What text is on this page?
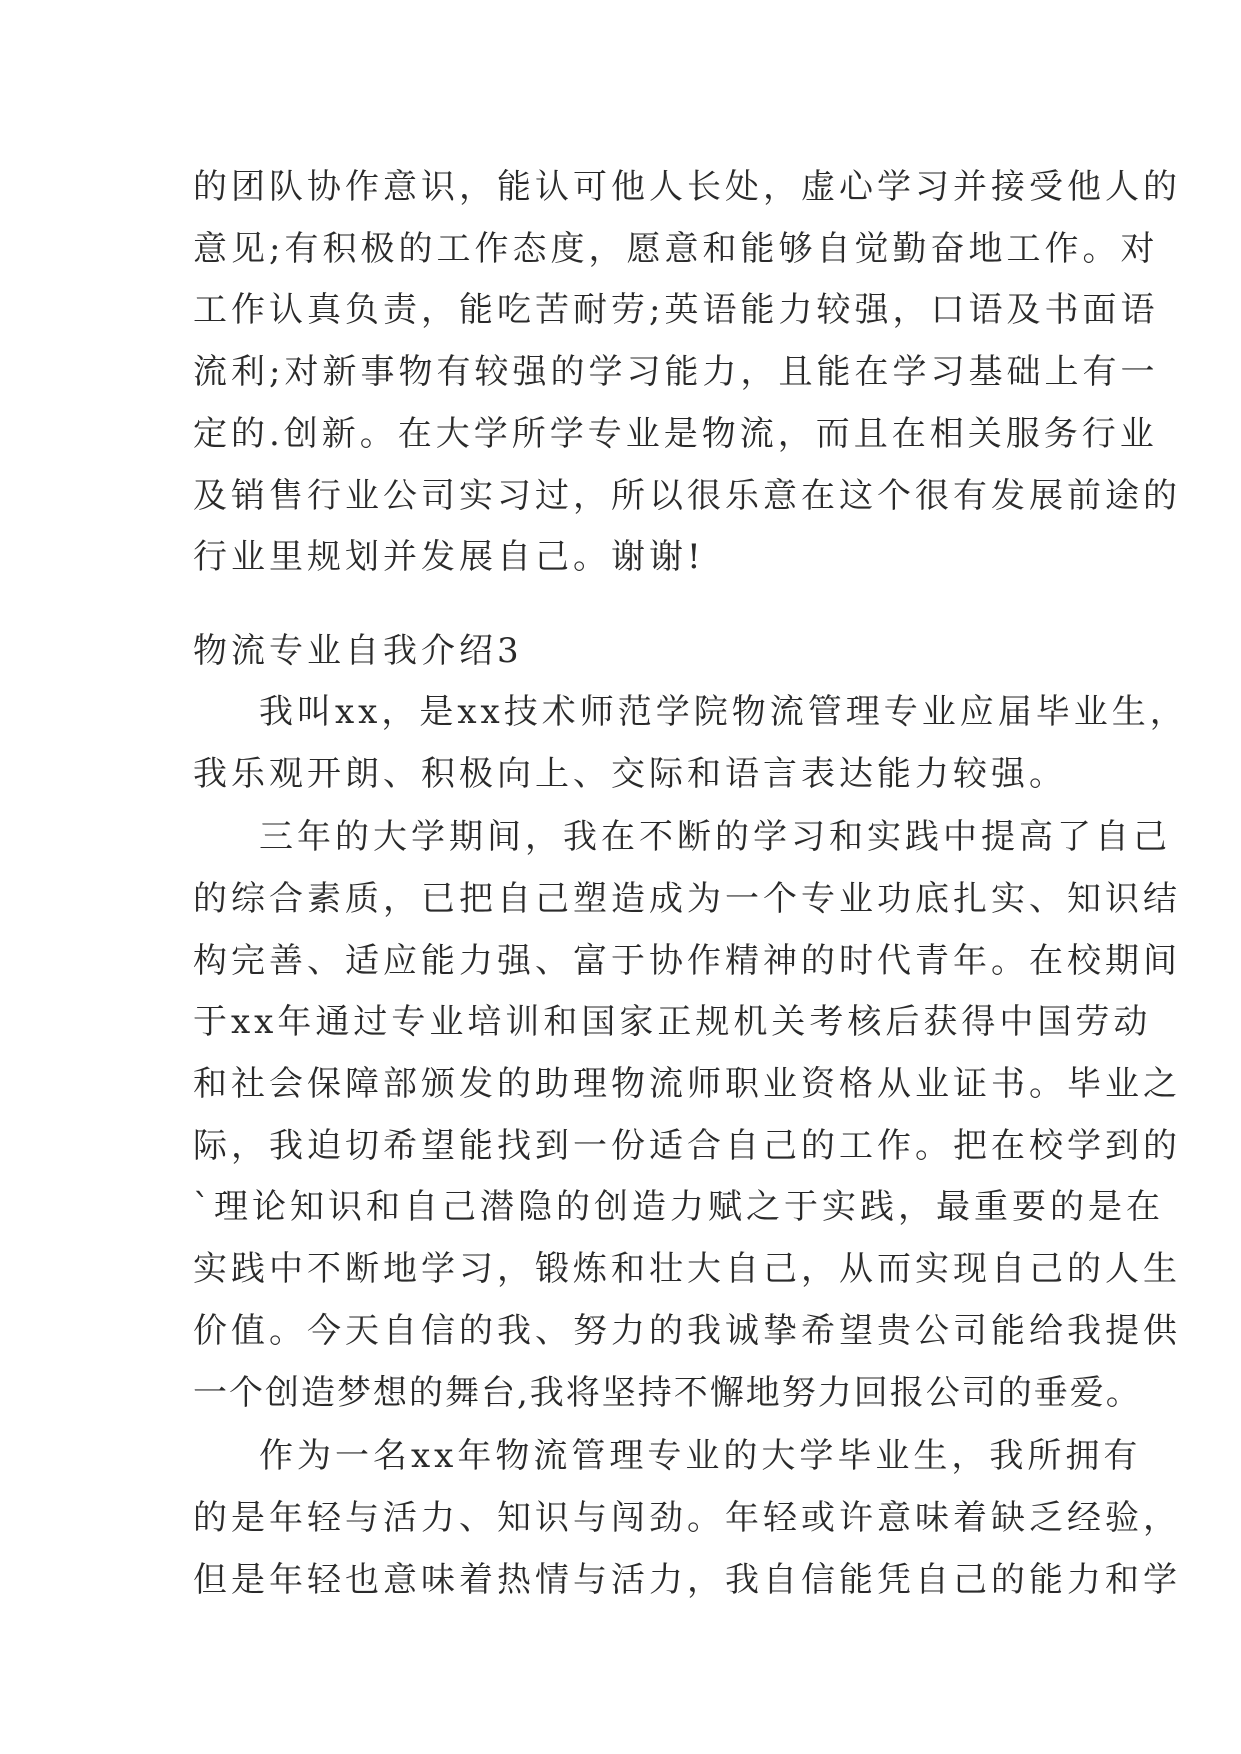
的团队协作意识，能认可他人长处，虚心学习并接受他人的
意见;有积极的工作态度，愿意和能够自觉勤奋地工作。对
工作认真负责，能吃苦耐劳;英语能力较强，口语及书面语
流利;对新事物有较强的学习能力，且能在学习基础上有一
定的.创新。在大学所学专业是物流，而且在相关服务行业
及销售行业公司实习过，所以很乐意在这个很有发展前途的
行业里规划并发展自己。谢谢!
物流专业自我介绍3
我叫xx，是xx技术师范学院物流管理专业应届毕业生，
我乐观开朗、积极向上、交际和语言表达能力较强。
三年的大学期间，我在不断的学习和实践中提高了自己
的综合素质，已把自己塑造成为一个专业功底扎实、知识结
构完善、适应能力强、富于协作精神的时代青年。在校期间
于xx年通过专业培训和国家正规机关考核后获得中国劳动
和社会保障部颁发的助理物流师职业资格从业证书。毕业之
际，我迫切希望能找到一份适合自己的工作。把在校学到的
`理论知识和自己潜隐的创造力赋之于实践，最重要的是在
实践中不断地学习，锻炼和壮大自己，从而实现自己的人生
价值。今天自信的我、努力的我诚挚希望贵公司能给我提供
一个创造梦想的舞台,我将坚持不懈地努力回报公司的垂爱。
作为一名xx年物流管理专业的大学毕业生，我所拥有
的是年轻与活力、知识与闯劲。年轻或许意味着缺乏经验，
但是年轻也意味着热情与活力，我自信能凭自己的能力和学
